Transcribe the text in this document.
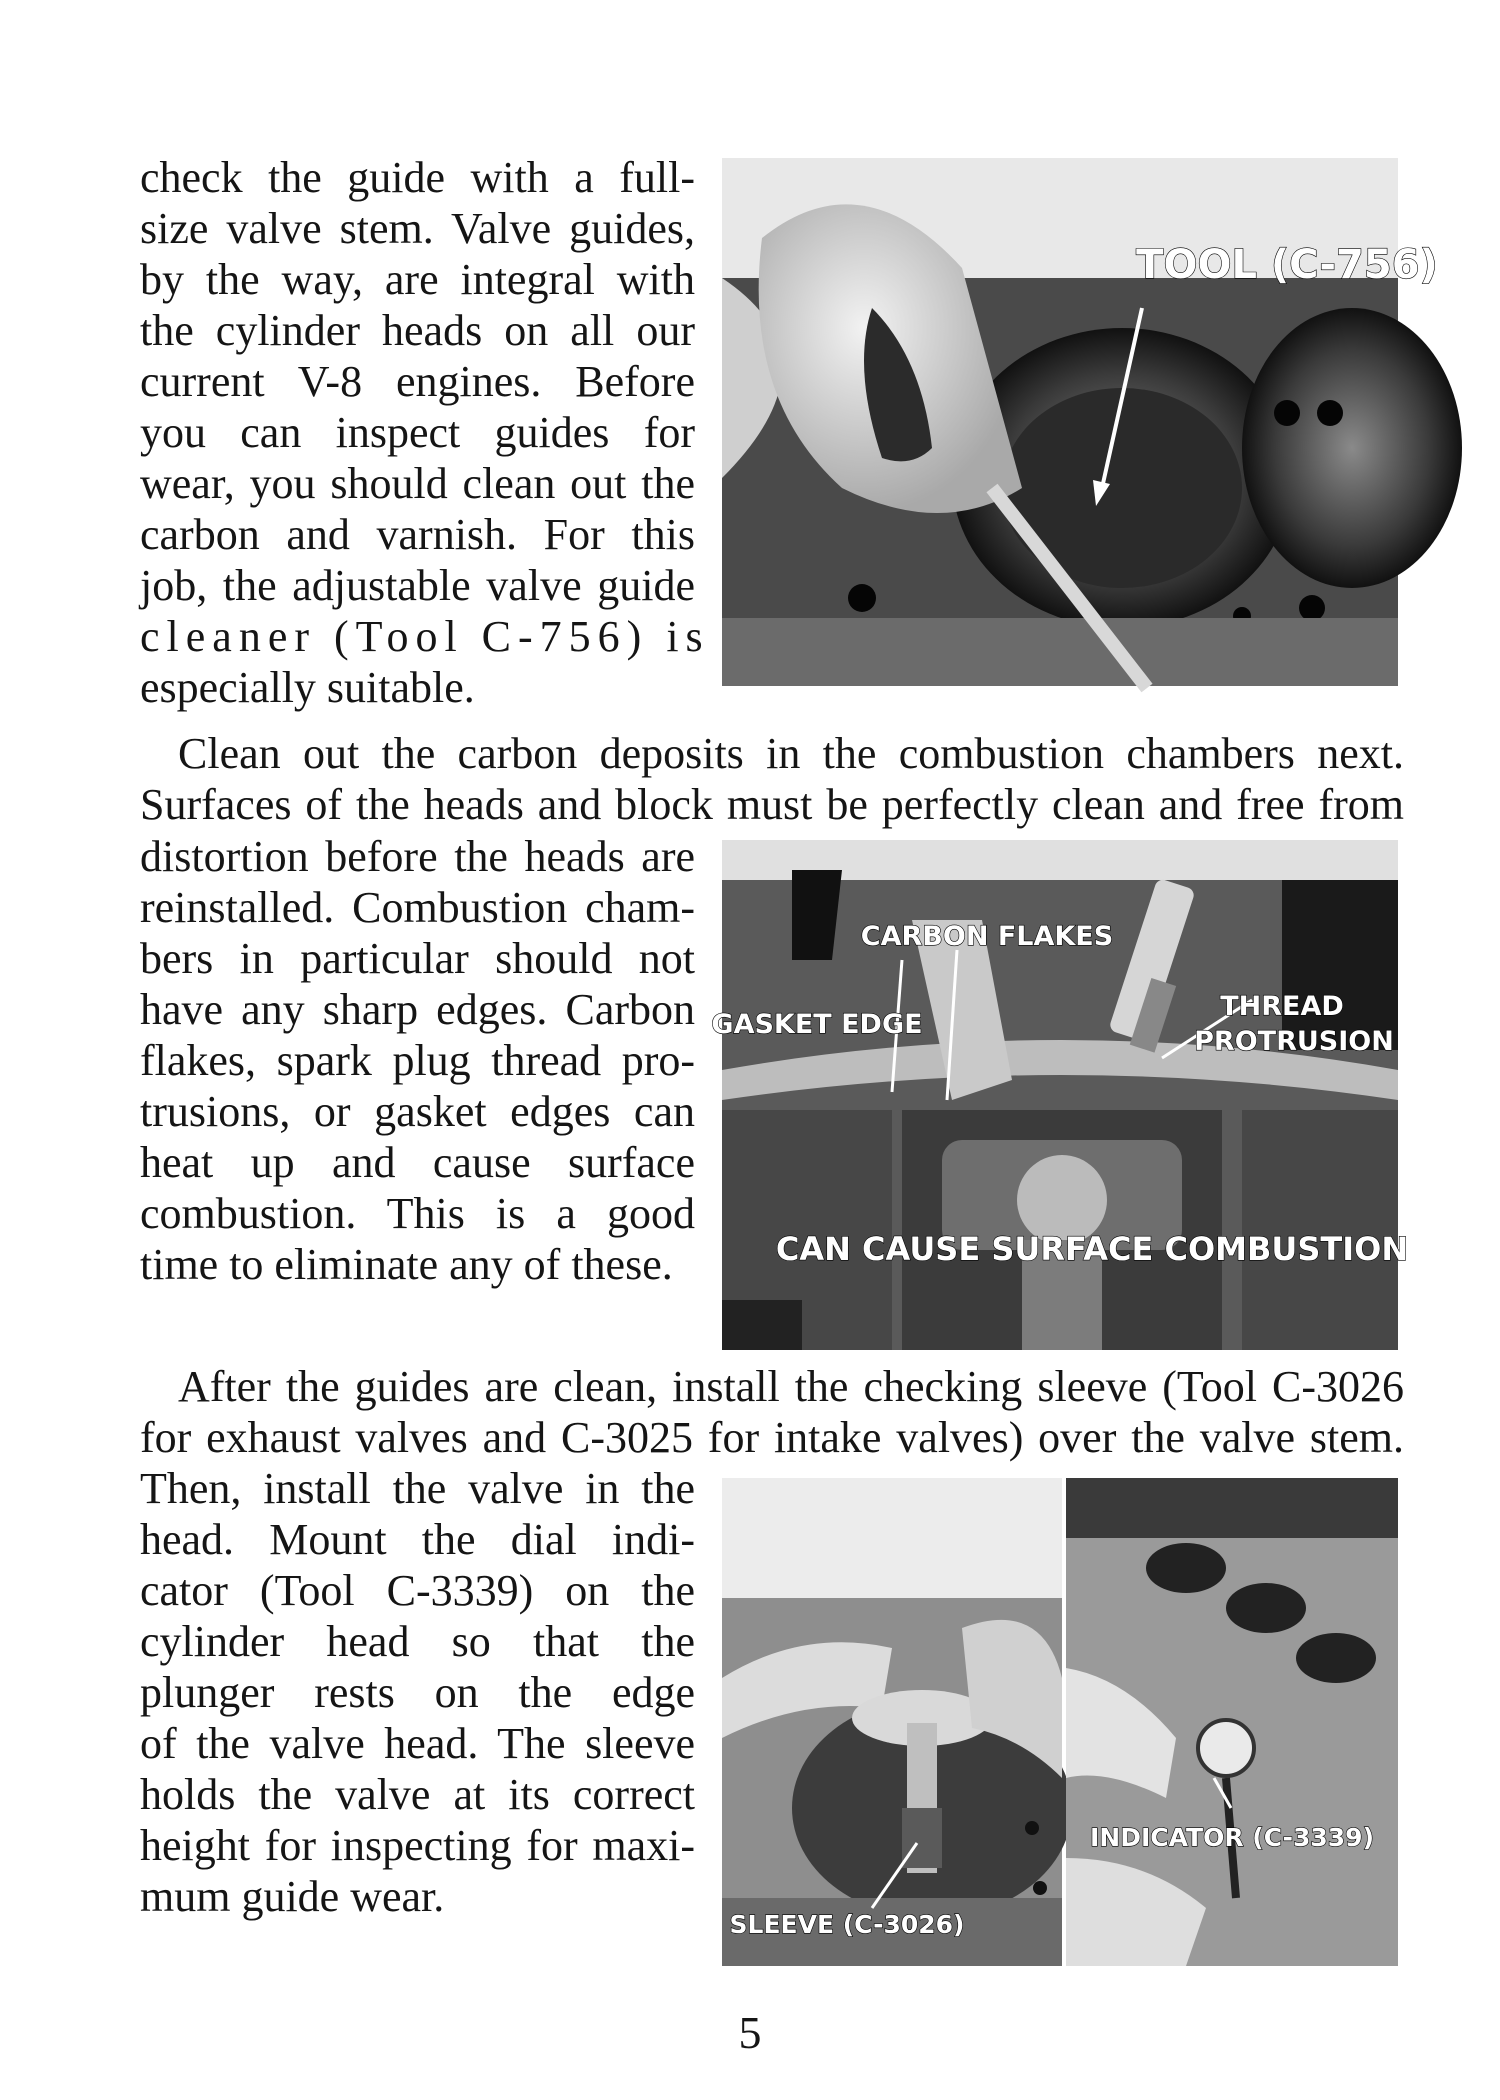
check the guide with a full-
size valve stem. Valve guides,
by the way, are integral with
the cylinder heads on all our
current V-8 engines. Before
you can inspect guides for
wear, you should clean out the
carbon and varnish. For this
job, the adjustable valve guide
cleaner (Tool C-756) is
especially suitable.
TOOL (C-756)
Clean out the carbon deposits in the combustion chambers next.
Surfaces of the heads and block must be perfectly clean and free from
distortion before the heads are
reinstalled. Combustion cham-
bers in particular should not
have any sharp edges. Carbon
flakes, spark plug thread pro-
trusions, or gasket edges can
heat up and cause surface
combustion. This is a good
time to eliminate any of these.
CARBON FLAKES
GASKET EDGE
THREAD
PROTRUSION
CAN CAUSE SURFACE COMBUSTION
After the guides are clean, install the checking sleeve (Tool C-3026
for exhaust valves and C-3025 for intake valves) over the valve stem.
Then, install the valve in the
head. Mount the dial indi-
cator (Tool C-3339) on the
cylinder head so that the
plunger rests on the edge
of the valve head. The sleeve
holds the valve at its correct
height for inspecting for maxi-
mum guide wear.
SLEEVE (C-3026)
INDICATOR (C-3339)

5
